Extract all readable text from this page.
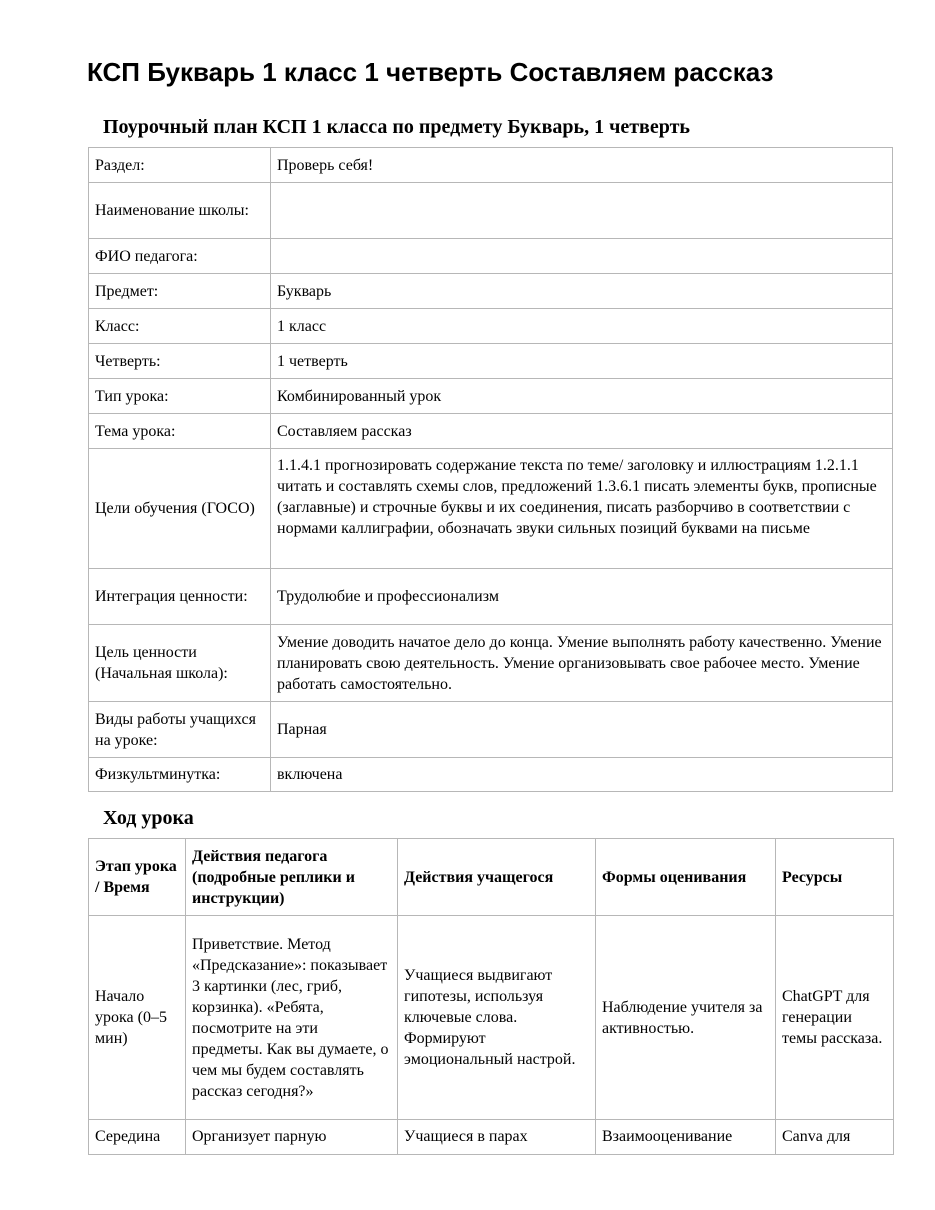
КСП Букварь 1 класс 1 четверть Составляем рассказ
Поурочный план КСП 1 класса по предмету Букварь, 1 четверть
Раздел:	Проверь себя!
Наименование школы:	
ФИО педагога:	
Предмет:	Букварь
Класс:	1 класс
Четверть:	1 четверть
Тип урока:	Комбинированный урок
Тема урока:	Составляем рассказ
Цели обучения (ГОСО)	1.1.4.1 прогнозировать содержание текста по теме/ заголовку и иллюстрациям 1.2.1.1 читать и составлять схемы слов, предложений 1.3.6.1 писать элементы букв, прописные (заглавные) и строчные буквы и их соединения, писать разборчиво в соответствии с нормами каллиграфии, обозначать звуки сильных позиций буквами на письме
Интеграция ценности:	Трудолюбие и профессионализм
Цель ценности (Начальная школа):	Умение доводить начатое дело до конца. Умение выполнять работу качественно. Умение планировать свою деятельность. Умение организовывать свое рабочее место. Умение работать самостоятельно.
Виды работы учащихся на уроке:	Парная
Физкультминутка:	включена
Ход урока
Этап урока / Время	Действия педагога (подробные реплики и инструкции)	Действия учащегося	Формы оценивания	Ресурсы
Начало урока (0–5 мин)	Приветствие. Метод «Предсказание»: показывает 3 картинки (лес, гриб, корзинка). «Ребята, посмотрите на эти предметы. Как вы думаете, о чем мы будем составлять рассказ сегодня?»	Учащиеся выдвигают гипотезы, используя ключевые слова. Формируют эмоциональный настрой.	Наблюдение учителя за активностью.	ChatGPT для генерации темы рассказа.
Середина	Организует парную	Учащиеся в парах	Взаимооценивание	Canva для
